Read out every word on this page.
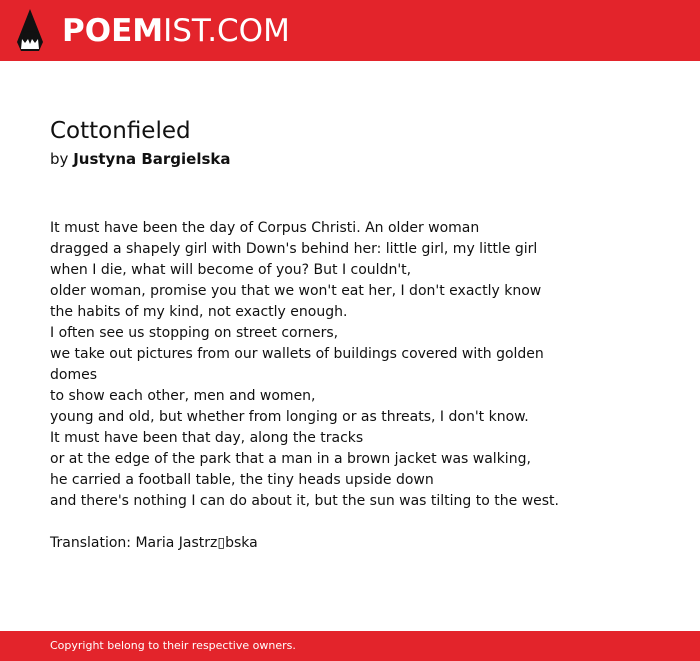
POEMIST.COM
Cottonfieled
by Justyna Bargielska
It must have been the day of Corpus Christi. An older woman
dragged a shapely girl with Down's behind her: little girl, my little girl
when I die, what will become of you? But I couldn't,
older woman, promise you that we won't eat her, I don't exactly know
the habits of my kind, not exactly enough.
I often see us stopping on street corners,
we take out pictures from our wallets of buildings covered with golden
domes
to show each other, men and women,
young and old, but whether from longing or as threats, I don't know.
It must have been that day, along the tracks
or at the edge of the park that a man in a brown jacket was walking,
he carried a football table, the tiny heads upside down
and there's nothing I can do about it, but the sun was tilting to the west.
Translation: Maria Jastrz▯bska
Copyright belong to their respective owners.
